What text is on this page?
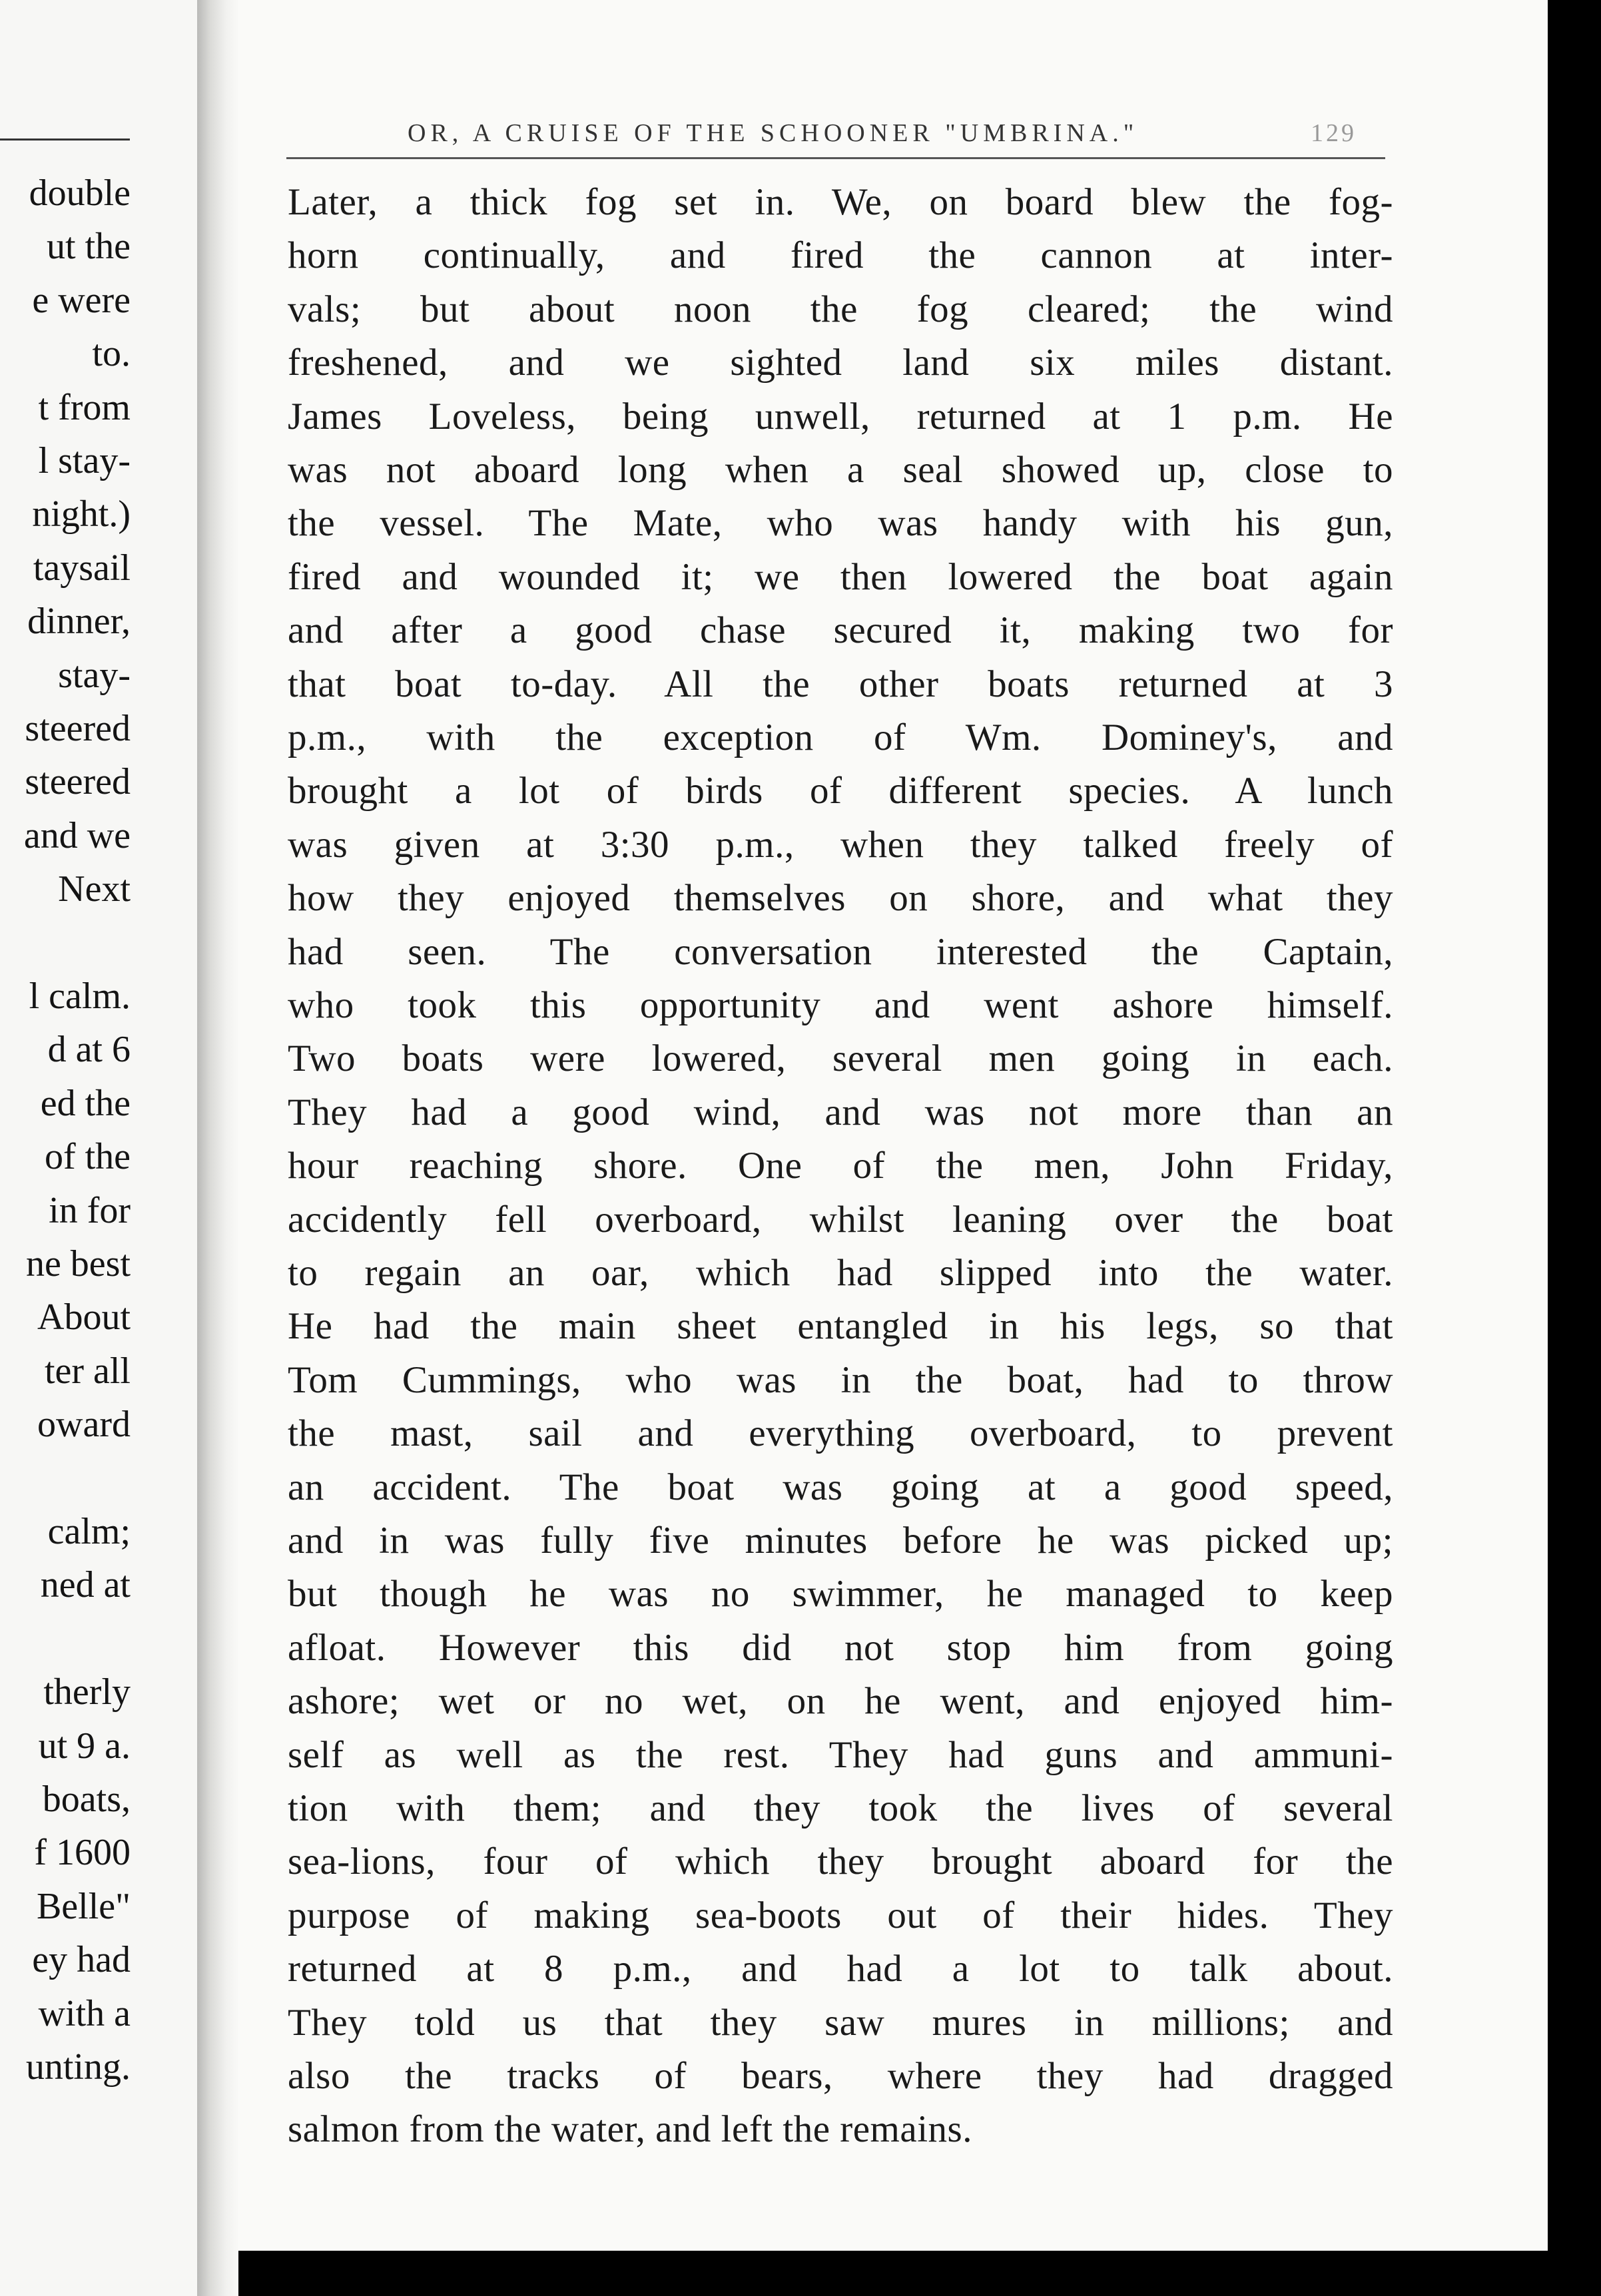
double
ut the
e were
to.
t from
l stay-
night.)
taysail
dinner,
stay-
steered
steered
and we
Next
l calm.
d at 6
ed the
of the
in for
ne best
About
ter all
oward
calm;
ned at
therly
ut 9 a.
boats,
f 1600
Belle"
ey had
with a
unting.
OR, A CRUISE OF THE SCHOONER "UMBRINA."	129
Later, a thick fog set in. We, on board blew the fog-
horn continually, and fired the cannon at inter-
vals; but about noon the fog cleared; the wind
freshened, and we sighted land six miles distant.
James Loveless, being unwell, returned at 1 p.m. He
was not aboard long when a seal showed up, close to
the vessel. The Mate, who was handy with his gun,
fired and wounded it; we then lowered the boat again
and after a good chase secured it, making two for
that boat to-day. All the other boats returned at 3
p.m., with the exception of Wm. Dominey's, and
brought a lot of birds of different species. A lunch
was given at 3:30 p.m., when they talked freely of
how they enjoyed themselves on shore, and what they
had seen. The conversation interested the Captain,
who took this opportunity and went ashore himself.
Two boats were lowered, several men going in each.
They had a good wind, and was not more than an
hour reaching shore. One of the men, John Friday,
accidently fell overboard, whilst leaning over the boat
to regain an oar, which had slipped into the water.
He had the main sheet entangled in his legs, so that
Tom Cummings, who was in the boat, had to throw
the mast, sail and everything overboard, to prevent
an accident. The boat was going at a good speed,
and in was fully five minutes before he was picked up;
but though he was no swimmer, he managed to keep
afloat. However this did not stop him from going
ashore; wet or no wet, on he went, and enjoyed him-
self as well as the rest. They had guns and ammuni-
tion with them; and they took the lives of several
sea-lions, four of which they brought aboard for the
purpose of making sea-boots out of their hides. They
returned at 8 p.m., and had a lot to talk about.
They told us that they saw mures in millions; and
also the tracks of bears, where they had dragged
salmon from the water, and left the remains.
